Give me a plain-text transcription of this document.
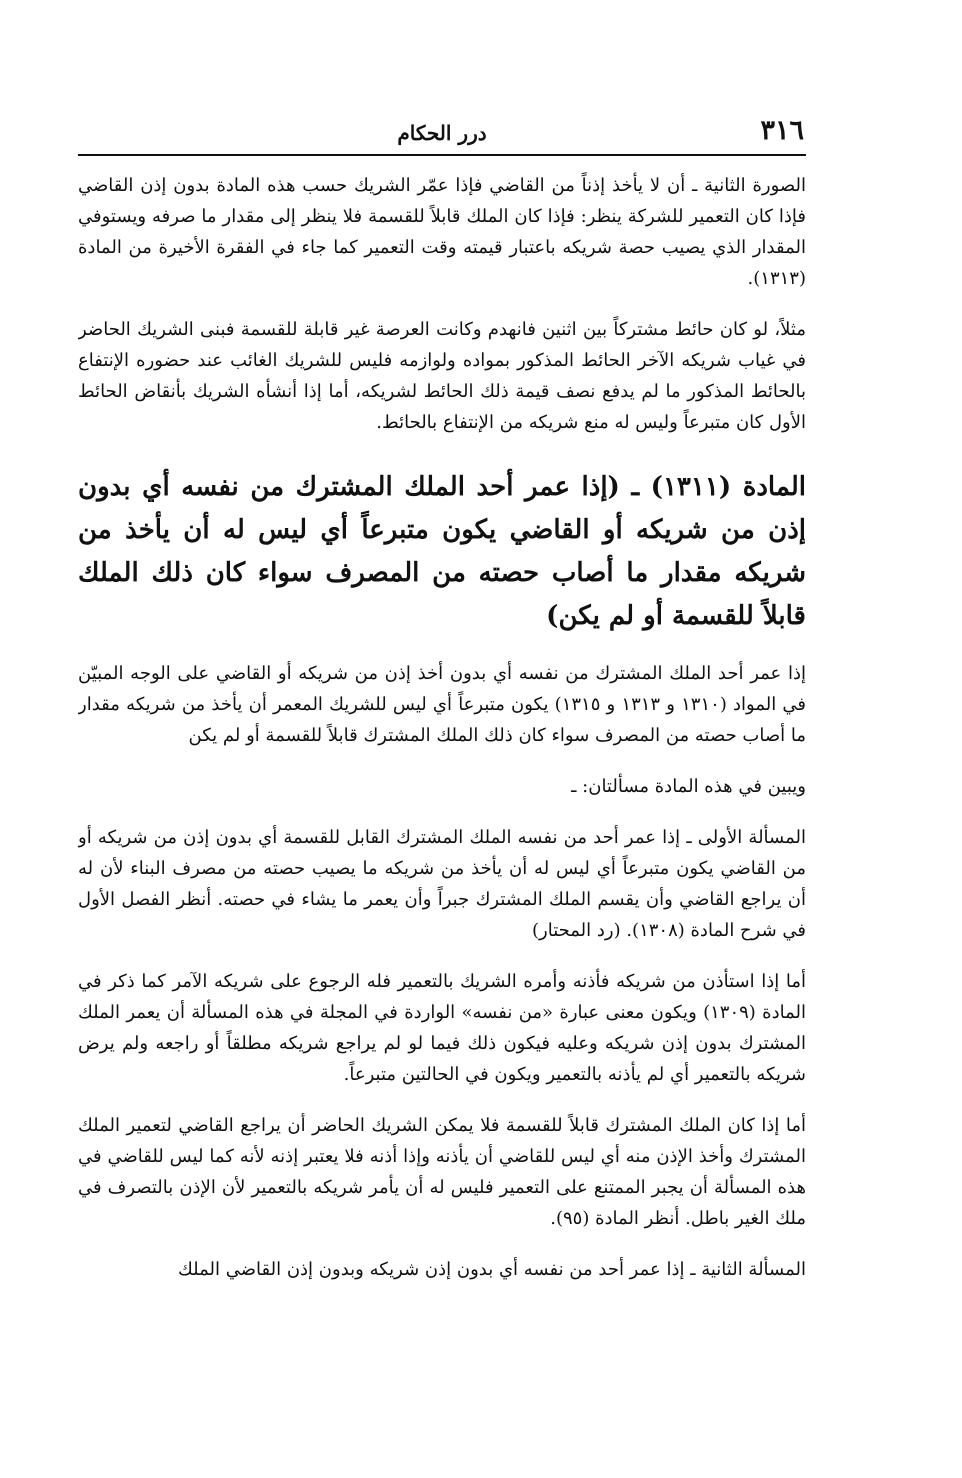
٣١٦
درر الحكام

الصورة الثانية ـ أن لا يأخذ إذناً من القاضي فإذا عمّر الشريك حسب هذه المادة بدون إذن القاضي فإذا كان التعمير للشركة ينظر: فإذا كان الملك قابلاً للقسمة فلا ينظر إلى مقدار ما صرفه ويستوفي المقدار الذي يصيب حصة شريكه باعتبار قيمته وقت التعمير كما جاء في الفقرة الأخيرة من المادة (١٣١٣).

مثلاً، لو كان حائط مشتركاً بين اثنين فانهدم وكانت العرصة غير قابلة للقسمة فبنى الشريك الحاضر في غياب شريكه الآخر الحائط المذكور بمواده ولوازمه فليس للشريك الغائب عند حضوره الإنتفاع بالحائط المذكور ما لم يدفع نصف قيمة ذلك الحائط لشريكه، أما إذا أنشأه الشريك بأنقاض الحائط الأول كان متبرعاً وليس له منع شريكه من الإنتفاع بالحائط.

المادة (١٣١١) ـ (إذا عمر أحد الملك المشترك من نفسه أي بدون إذن من شريكه أو القاضي يكون متبرعاً أي ليس له أن يأخذ من شريكه مقدار ما أصاب حصته من المصرف سواء كان ذلك الملك قابلاً للقسمة أو لم يكن)

إذا عمر أحد الملك المشترك من نفسه أي بدون أخذ إذن من شريكه أو القاضي على الوجه المبيّن في المواد (١٣١٠ و ١٣١٣ و ١٣١٥) يكون متبرعاً أي ليس للشريك المعمر أن يأخذ من شريكه مقدار ما أصاب حصته من المصرف سواء كان ذلك الملك المشترك قابلاً للقسمة أو لم يكن

ويبين في هذه المادة مسألتان: ـ

المسألة الأولى ـ إذا عمر أحد من نفسه الملك المشترك القابل للقسمة أي بدون إذن من شريكه أو من القاضي يكون متبرعاً أي ليس له أن يأخذ من شريكه ما يصيب حصته من مصرف البناء لأن له أن يراجع القاضي وأن يقسم الملك المشترك جبراً وأن يعمر ما يشاء في حصته. أنظر الفصل الأول في شرح المادة (١٣٠٨). (رد المحتار)

أما إذا استأذن من شريكه فأذنه وأمره الشريك بالتعمير فله الرجوع على شريكه الآمر كما ذكر في المادة (١٣٠٩) ويكون معنى عبارة «من نفسه» الواردة في المجلة في هذه المسألة أن يعمر الملك المشترك بدون إذن شريكه وعليه فيكون ذلك فيما لو لم يراجع شريكه مطلقاً أو راجعه ولم يرض شريكه بالتعمير أي لم يأذنه بالتعمير ويكون في الحالتين متبرعاً.

أما إذا كان الملك المشترك قابلاً للقسمة فلا يمكن الشريك الحاضر أن يراجع القاضي لتعمير الملك المشترك وأخذ الإذن منه أي ليس للقاضي أن يأذنه وإذا أذنه فلا يعتبر إذنه لأنه كما ليس للقاضي في هذه المسألة أن يجبر الممتنع على التعمير فليس له أن يأمر شريكه بالتعمير لأن الإذن بالتصرف في ملك الغير باطل. أنظر المادة (٩٥).

المسألة الثانية ـ إذا عمر أحد من نفسه أي بدون إذن شريكه وبدون إذن القاضي الملك
